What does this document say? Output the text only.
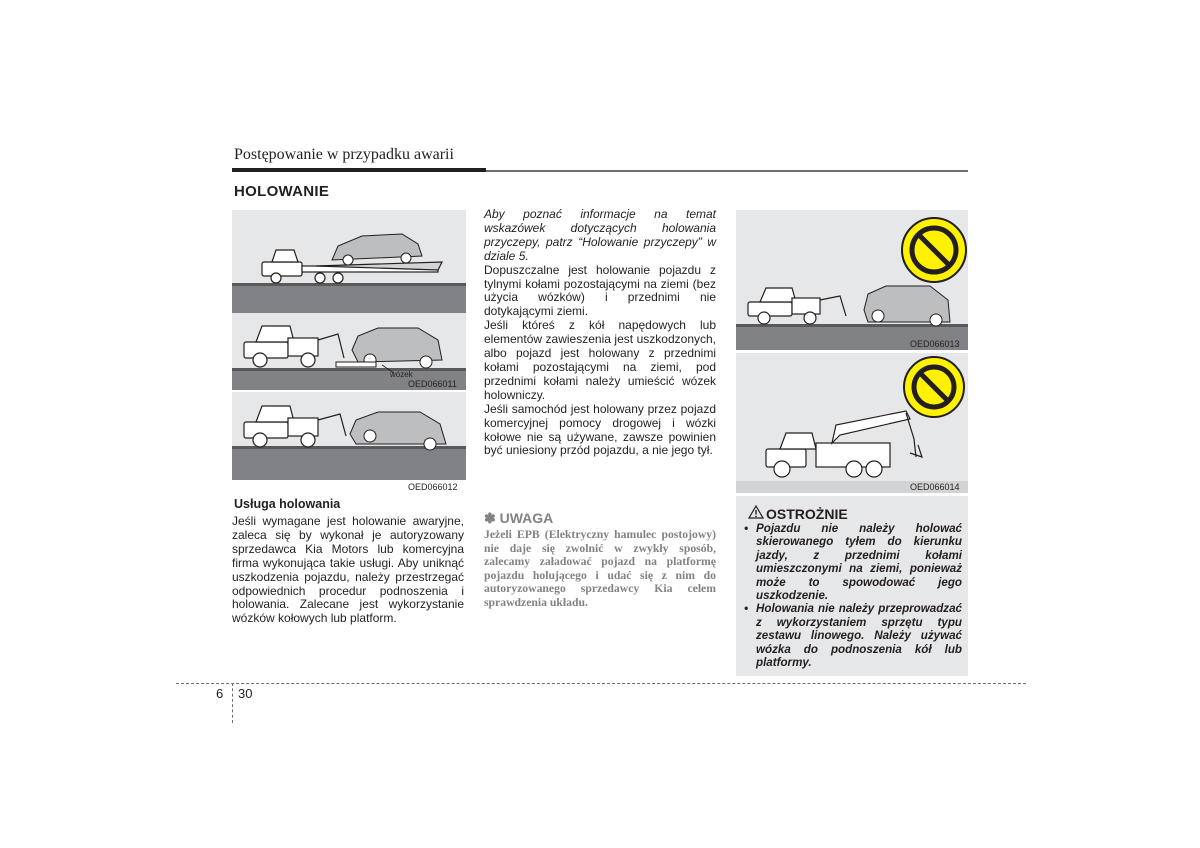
Postępowanie w przypadku awarii
HOLOWANIE
wózek
OED066011
OED066012
Usługa holowania

Jeśli wymagane jest holowanie awaryjne, zaleca się by wykonał je autoryzowany sprzedawca Kia Motors lub komercyjna firma wykonująca takie usługi. Aby uniknąć uszkodzenia pojazdu, należy przestrzegać odpowiednich procedur podnoszenia i holowania. Zalecane jest wykorzystanie wózków kołowych lub platform.

Aby poznać informacje na temat wskazówek dotyczących holowania przyczepy, patrz “Holowanie przyczepy” w dziale 5.

Dopuszczalne jest holowanie pojazdu z tylnymi kołami pozostającymi na ziemi (bez użycia wózków) i przednimi nie dotykającymi ziemi.

Jeśli któreś z kół napędowych lub elementów zawieszenia jest uszkodzonych, albo pojazd jest holowany z przednimi kołami pozostającymi na ziemi, pod przednimi kołami należy umieścić wózek holowniczy.

Jeśli samochód jest holowany przez pojazd komercyjnej pomocy drogowej i wózki kołowe nie są używane, zawsze powinien być uniesiony przód pojazdu, a nie jego tył.

✽ UWAGA
Jeżeli EPB (Elektryczny hamulec postojowy) nie daje się zwolnić w zwykły sposób, zalecamy załadować pojazd na platformę pojazdu holującego i udać się z nim do autoryzowanego sprzedawcy Kia celem sprawdzenia układu.
OED066013
OED066014
OSTROŻNIE
• Pojazdu nie należy holować skierowanego tyłem do kierunku jazdy, z przednimi kołami umieszczonymi na ziemi, ponieważ może to spowodować jego uszkodzenie.
• Holowania nie należy przeprowadzać z wykorzystaniem sprzętu typu zestawu linowego. Należy używać wózka do podnoszenia kół lub platformy.
6 30
